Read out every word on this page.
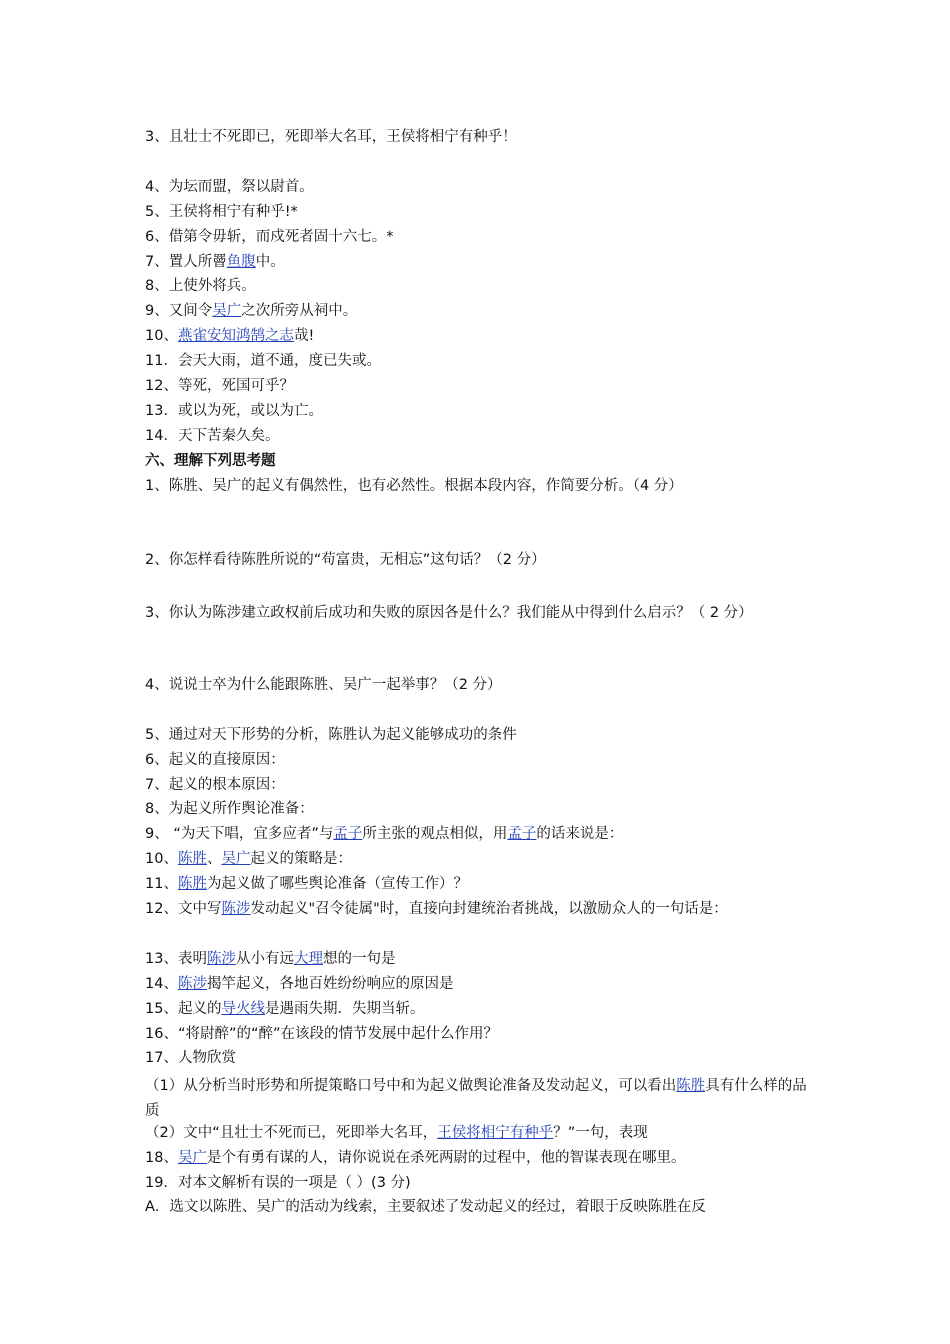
3、且壮士不死即已，死即举大名耳，王侯将相宁有种乎！
4、为坛而盟，祭以尉首。
5、王侯将相宁有种乎!*
6、借第令毋斩，而戍死者固十六七。*
7、置人所罾鱼腹中。
8、上使外将兵。
9、又间令吴广之次所旁从祠中。
10、燕雀安知鸿鹄之志哉!
11．会天大雨，道不通，度已失或。
12、等死，死国可乎？
13．或以为死，或以为亡。
14．天下苦秦久矣。
六、理解下列思考题
1、陈胜、吴广的起义有偶然性，也有必然性。根据本段内容，作简要分析。（4 分）
2、你怎样看待陈胜所说的“苟富贵，无相忘”这句话？（2 分）
3、你认为陈涉建立政权前后成功和失败的原因各是什么？我们能从中得到什么启示？（ 2 分）
4、说说士卒为什么能跟陈胜、吴广一起举事？（2 分）
5、通过对天下形势的分析，陈胜认为起义能够成功的条件
6、起义的直接原因：
7、起义的根本原因：
8、为起义所作舆论准备：
9、 “为天下唱，宜多应者”与孟子所主张的观点相似，用孟子的话来说是：
10、陈胜、吴广起义的策略是：
11、陈胜为起义做了哪些舆论准备（宣传工作）？
12、文中写陈涉发动起义"召令徒属"时，直接向封建统治者挑战，以激励众人的一句话是：
13、表明陈涉从小有远大理想的一句是
14、陈涉揭竿起义，各地百姓纷纷响应的原因是
15、起义的导火线是遇雨失期．失期当斩。
16、“将尉醉”的“醉”在该段的情节发展中起什么作用？
17、人物欣赏
（1）从分析当时形势和所提策略口号中和为起义做舆论准备及发动起义，可以看出陈胜具有什么样的品质
（2）文中“且壮士不死而已，死即举大名耳，王侯将相宁有种乎？”一句，表现
18、吴广是个有勇有谋的人，请你说说在杀死两尉的过程中，他的智谋表现在哪里。
19．对本文解析有误的一项是（ ）(3 分)
A．选文以陈胜、吴广的活动为线索，主要叙述了发动起义的经过，着眼于反映陈胜在反
